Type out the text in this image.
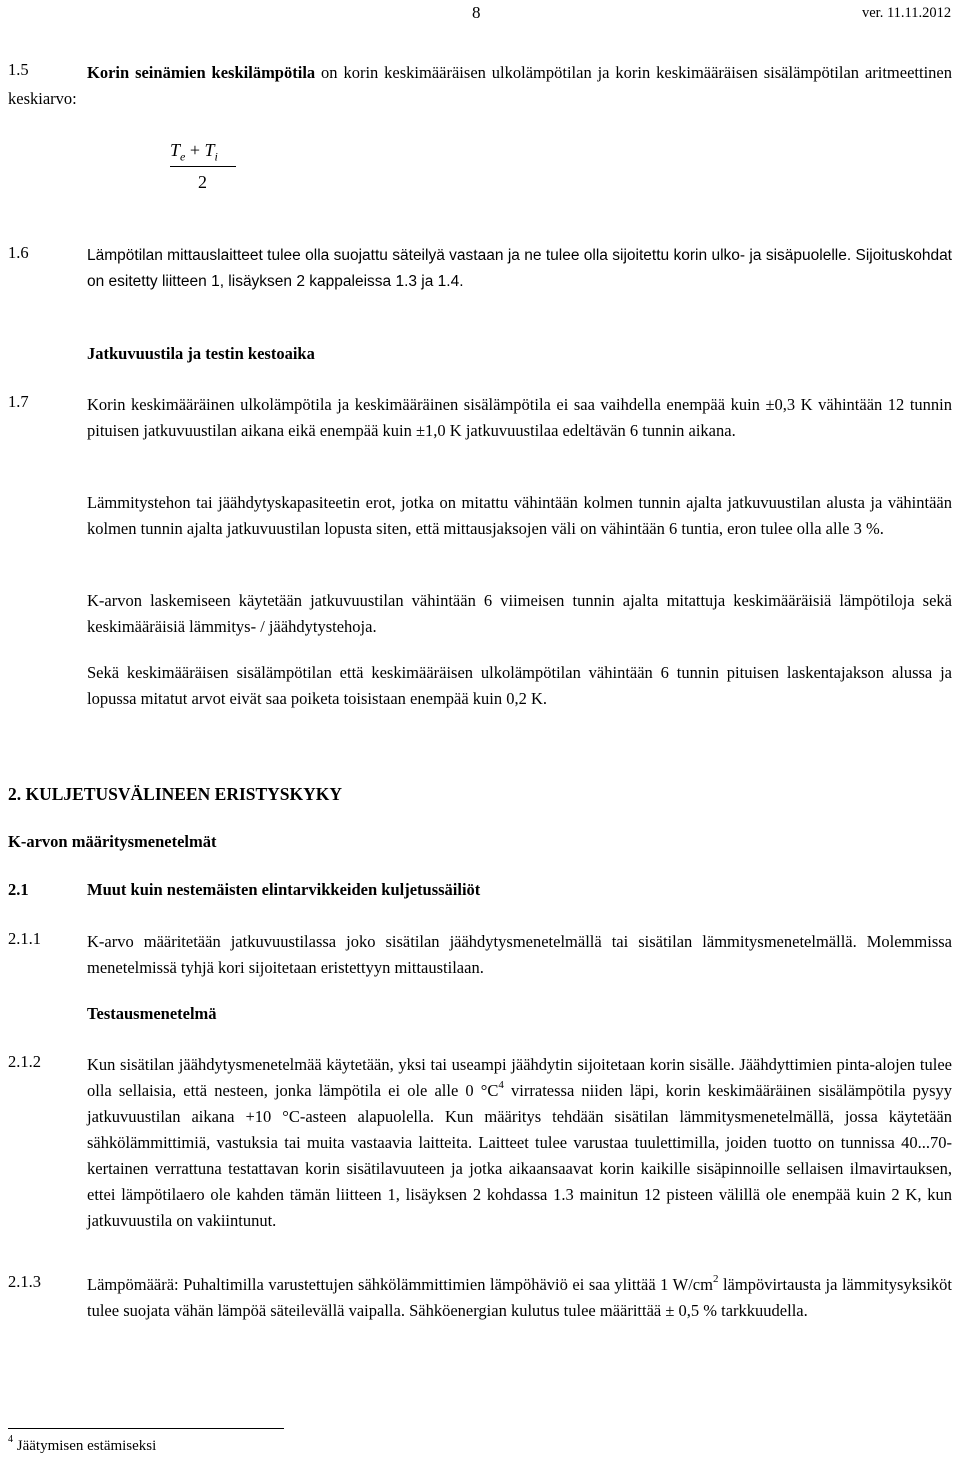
8	ver. 11.11.2012
1.5	Korin seinämien keskilämpötila on korin keskimääräisen ulkolämpötilan ja korin keskimääräisen sisälämpötilan aritmeettinen keskiarvo:
$T_e + T_i$
2
1.6	Lämpötilan mittauslaitteet tulee olla suojattu säteilyä vastaan ja ne tulee olla sijoitettu korin ulko- ja sisäpuolelle. Sijoituskohdat on esitetty liitteen 1, lisäyksen 2 kappaleissa 1.3 ja 1.4.
Jatkuvuustila ja testin kestoaika
1.7	Korin keskimääräinen ulkolämpötila ja keskimääräinen sisälämpötila ei saa vaihdella enempää kuin ±0,3 K vähintään 12 tunnin pituisen jatkuvuustilan aikana eikä enempää kuin ±1,0 K jatkuvuustilaa edeltävän 6 tunnin aikana.
Lämmitystehon tai jäähdytyskapasiteetin erot, jotka on mitattu vähintään kolmen tunnin ajalta jatkuvuustilan alusta ja vähintään kolmen tunnin ajalta jatkuvuustilan lopusta siten, että mittausjaksojen väli on vähintään 6 tuntia, eron tulee olla alle 3 %.
K-arvon laskemiseen käytetään jatkuvuustilan vähintään 6 viimeisen tunnin ajalta mitattuja keskimääräisiä lämpötiloja sekä keskimääräisiä lämmitys- / jäähdytystehoja.
Sekä keskimääräisen sisälämpötilan että keskimääräisen ulkolämpötilan vähintään 6 tunnin pituisen laskentajakson alussa ja lopussa mitatut arvot eivät saa poiketa toisistaan enempää kuin 0,2 K.
2. KULJETUSVÄLINEEN ERISTYSKYKY
K-arvon määritysmenetelmät
2.1	Muut kuin nestemäisten elintarvikkeiden kuljetussäiliöt
2.1.1	K-arvo määritetään jatkuvuustilassa joko sisätilan jäähdytysmenetelmällä tai sisätilan lämmitysmenetelmällä. Molemmissa menetelmissä tyhjä kori sijoitetaan eristettyyn mittaustilaan.
Testausmenetelmä
2.1.2	Kun sisätilan jäähdytysmenetelmää käytetään, yksi tai useampi jäähdytin sijoitetaan korin sisälle. Jäähdyttimien pinta-alojen tulee olla sellaisia, että nesteen, jonka lämpötila ei ole alle 0 $^\circ C^4$ virratessa niiden läpi, korin keskimääräinen sisälämpötila pysyy jatkuvuustilan aikana +10 °C-asteen alapuolella. Kun määritys tehdään sisätilan lämmitysmenetelmällä, jossa käytetään sähkölämmittimiä, vastuksia tai muita vastaavia laitteita. Laitteet tulee varustaa tuulettimilla, joiden tuotto on tunnissa 40...70-kertainen verrattuna testattavan korin sisätilavuuteen ja jotka aikaansaavat korin kaikille sisäpinnoille sellaisen ilmavirtauksen, ettei lämpötilaero ole kahden tämän liitteen 1, lisäyksen 2 kohdassa 1.3 mainitun 12 pisteen välillä ole enempää kuin 2 K, kun jatkuvuustila on vakiintunut.
2.1.3	Lämpömäärä: Puhaltimilla varustettujen sähkölämmittimien lämpöhäviö ei saa ylittää 1 $W/cm^2$ lämpövirtausta ja lämmitysyksiköt tulee suojata vähän lämpöä säteilevällä vaipalla. Sähköenergian kulutus tulee määrittää ± 0,5 % tarkkuudella.
$^4$ Jäätymisen estämiseksi
